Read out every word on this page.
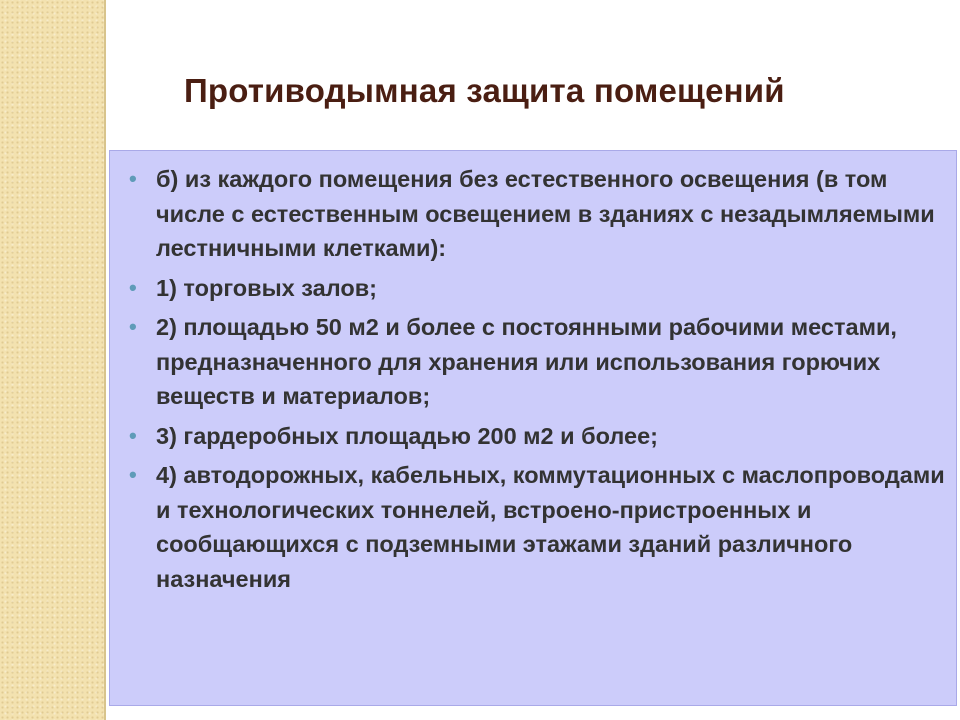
Противодымная защита помещений
• б) из каждого помещения без естественного освещения (в том числе с естественным освещением в зданиях с незадымляемыми лестничными клетками):
• 1) торговых залов;
• 2) площадью 50 м2 и более с постоянными рабочими местами, предназначенного для хранения или использования горючих веществ и материалов;
• 3) гардеробных площадью 200 м2 и более;
• 4) автодорожных, кабельных, коммутационных с маслопроводами и технологических тоннелей, встроено-пристроенных и сообщающихся с подземными этажами зданий различного назначения
